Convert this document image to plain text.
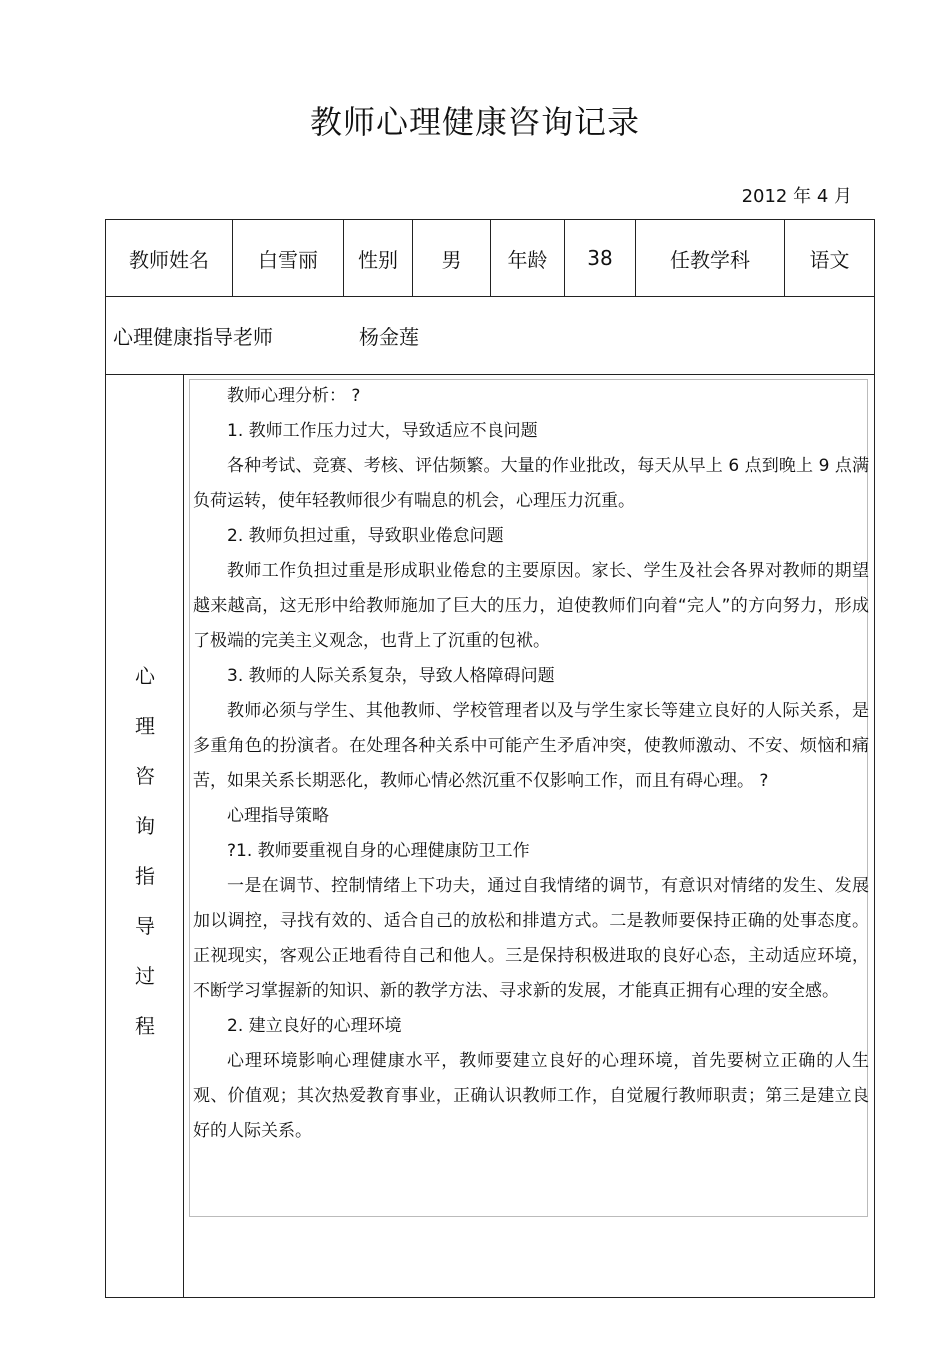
教师心理健康咨询记录
2012 年 4 月
教师姓名	白雪丽	性别	男	年龄	38	任教学科	语文
心理健康指导老师	杨金莲
心
理
咨
询
指
导
过
程

教师心理分析： ?

1. 教师工作压力过大，导致适应不良问题

各种考试、竞赛、考核、评估频繁。大量的作业批改，每天从早上 6 点到晚上 9 点满负荷运转，使年轻教师很少有喘息的机会，心理压力沉重。

2. 教师负担过重，导致职业倦怠问题

教师工作负担过重是形成职业倦怠的主要原因。家长、学生及社会各界对教师的期望越来越高，这无形中给教师施加了巨大的压力，迫使教师们向着“完人”的方向努力，形成了极端的完美主义观念，也背上了沉重的包袱。

3. 教师的人际关系复杂，导致人格障碍问题

教师必须与学生、其他教师、学校管理者以及与学生家长等建立良好的人际关系，是多重角色的扮演者。在处理各种关系中可能产生矛盾冲突，使教师激动、不安、烦恼和痛苦，如果关系长期恶化，教师心情必然沉重不仅影响工作，而且有碍心理。 ?

心理指导策略

?1. 教师要重视自身的心理健康防卫工作

一是在调节、控制情绪上下功夫，通过自我情绪的调节，有意识对情绪的发生、发展加以调控，寻找有效的、适合自己的放松和排遣方式。二是教师要保持正确的处事态度。正视现实，客观公正地看待自己和他人。三是保持积极进取的良好心态，主动适应环境，不断学习掌握新的知识、新的教学方法、寻求新的发展，才能真正拥有心理的安全感。

2. 建立良好的心理环境

心理环境影响心理健康水平，教师要建立良好的心理环境，首先要树立正确的人生观、价值观；其次热爱教育事业，正确认识教师工作，自觉履行教师职责；第三是建立良好的人际关系。
